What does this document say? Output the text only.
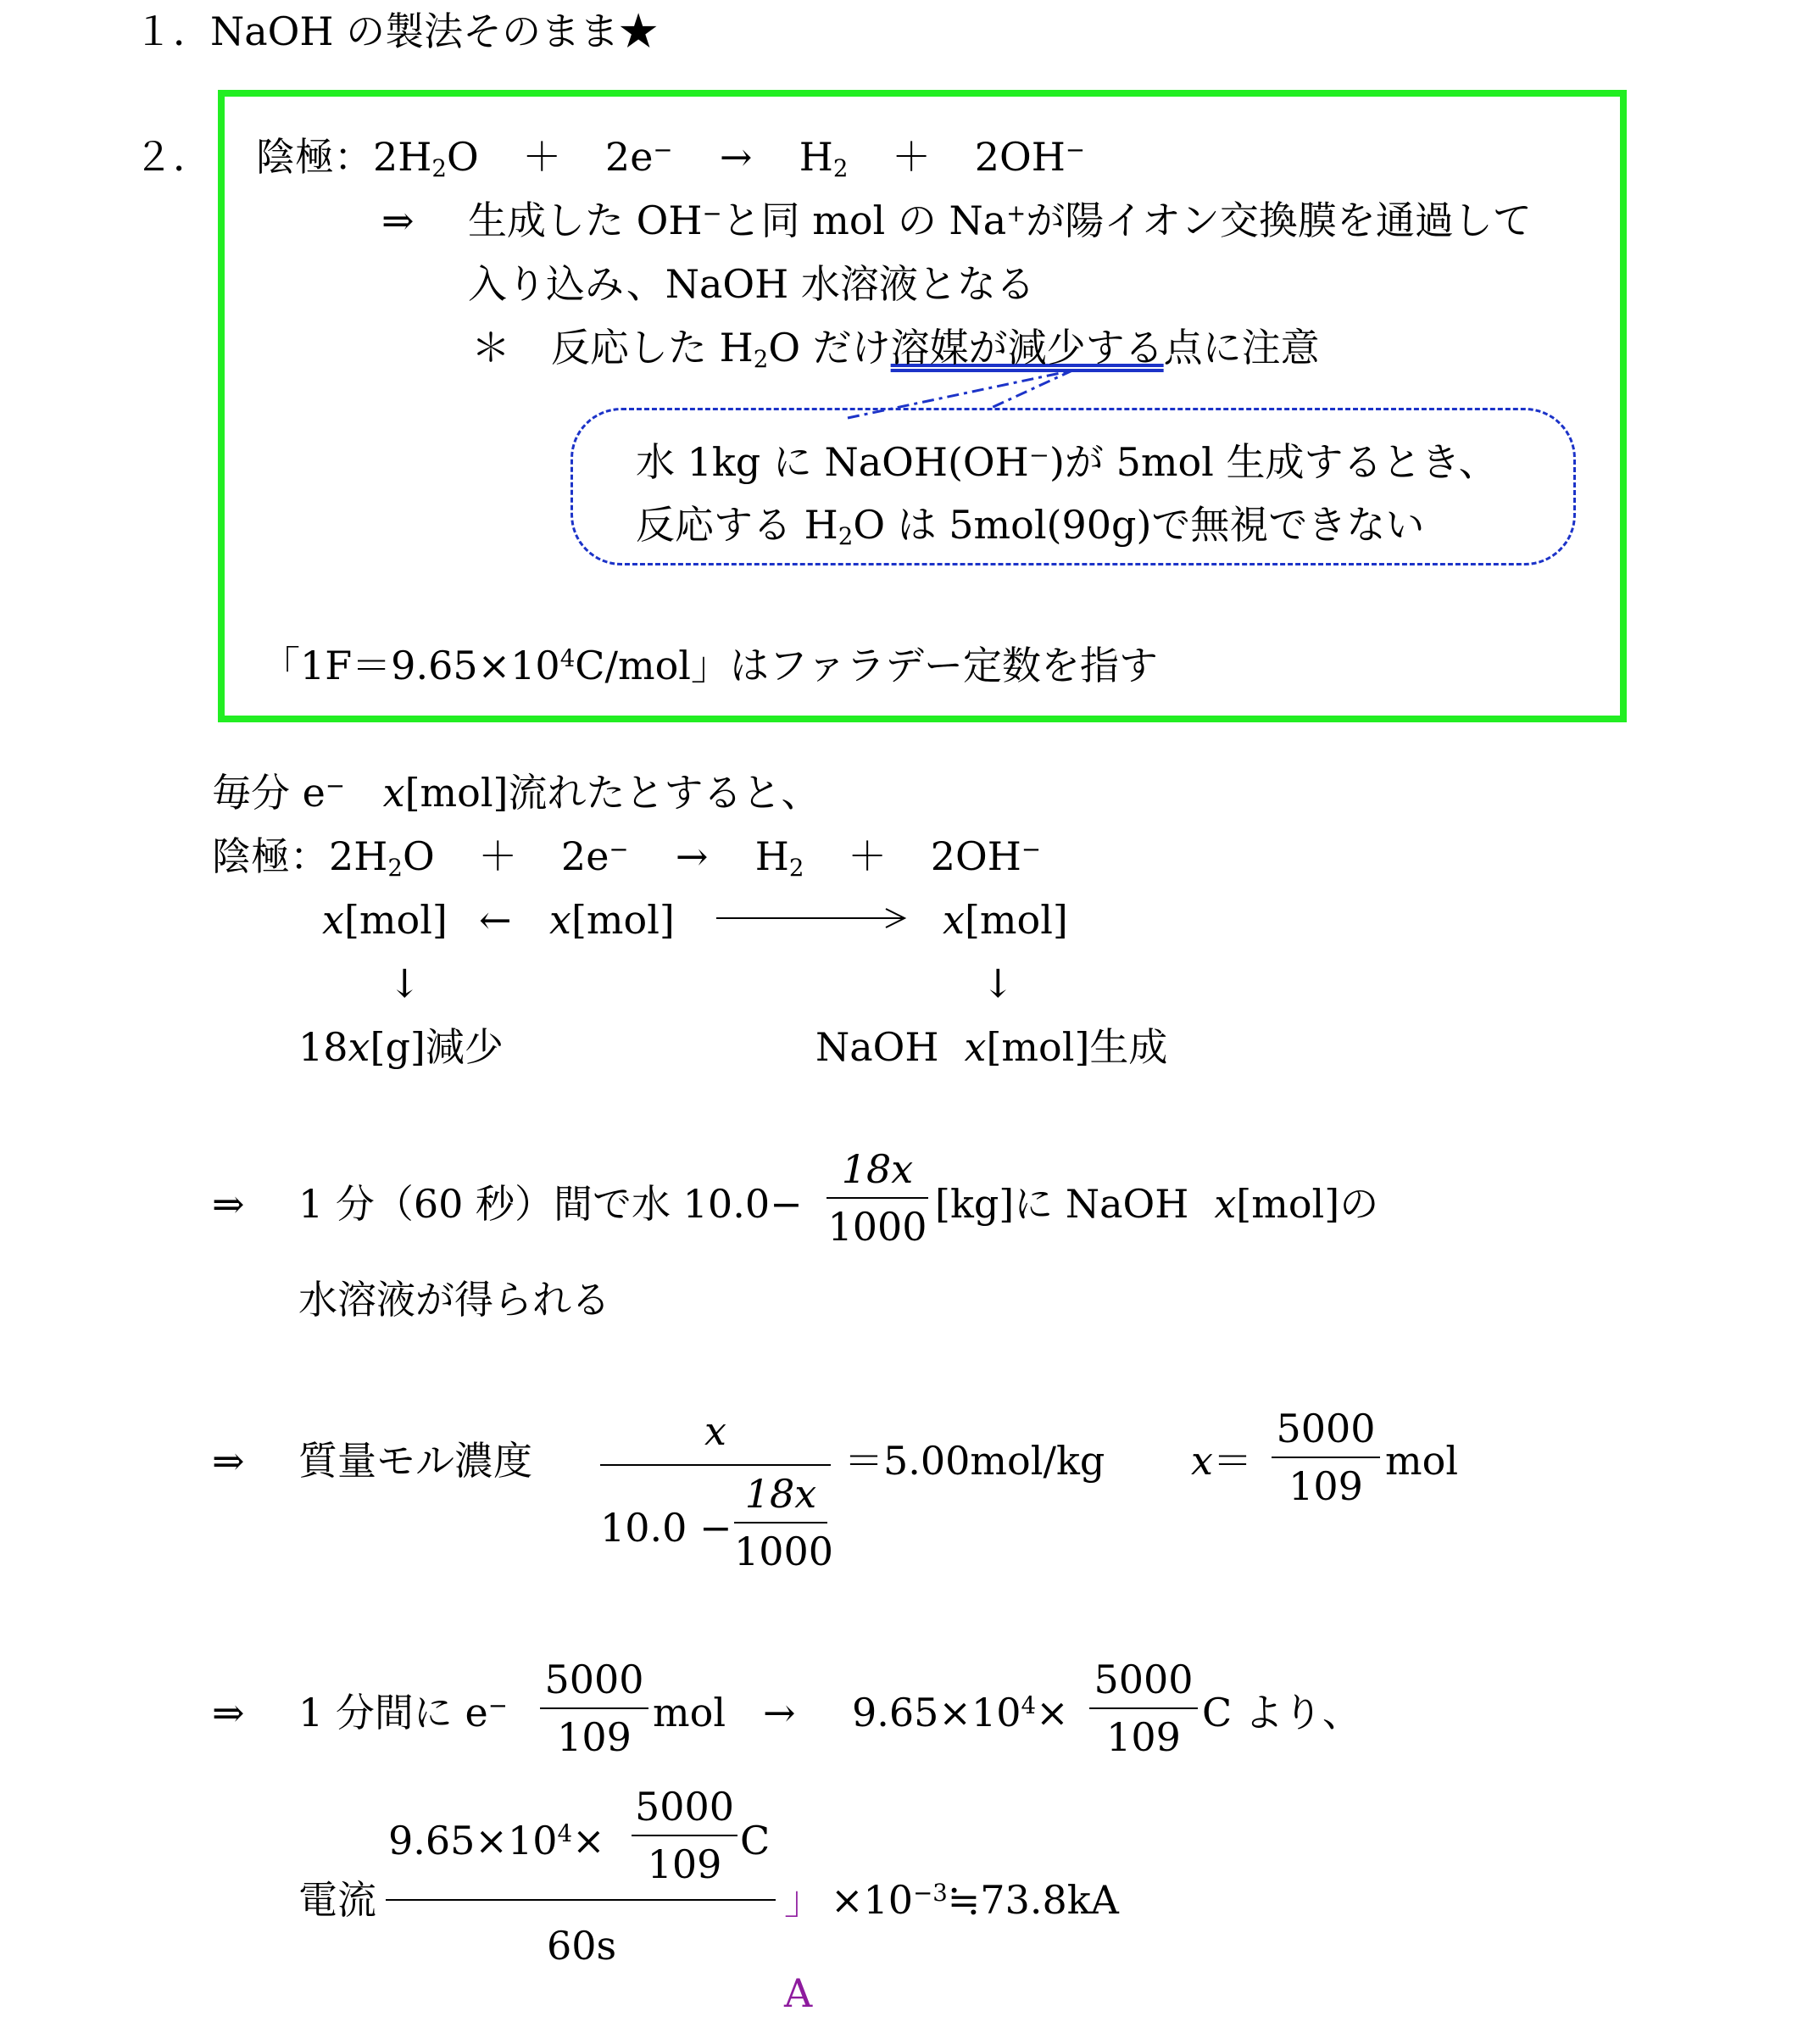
１．
NaOH の製法そのまま★
２． 陰極：$2H_2O + 2e^- \to H_2 + 2OH^-$
⇒ 生成した OH−と同 mol の Na+が陽イオン交換膜を通過して
入り込み、NaOH 水溶液となる
＊ 反応した $H_2O$ だけ溶媒が減少する点に注意
水 1kg に NaOH(OH⁻)が 5mol 生成するとき、
反応する $H_2O$ は 5mol(90g)で無視できない
「$1F=9.65\times 10^4C$/mol」はファラデー定数を指す
毎分 e− x[mol]流れたとすると、
陰極：$2H_2O + 2e^- \to H_2 + 2OH^-$
x[mol] ← x[mol]	x[mol]
↓	↓
18x[g]減少	NaOH x[mol]生成
⇒ 1 分（60 秒）間で水 10.0−
18x
1000 [kg]に NaOH x[mol]の
水溶液が得られる
⇒ 質量モル濃度
x
10.0 −
18x
1000
＝5.00mol/kg x＝
5000
109
mol
⇒ 1 分間に e−
5000
109
mol → $9.65\times 10^4\times$
5000
109
C より、
電流
$9.65\times 10^4\times$
5000
109
C
60s
」 $\times 10^{-3}≒73.8kA$
A
